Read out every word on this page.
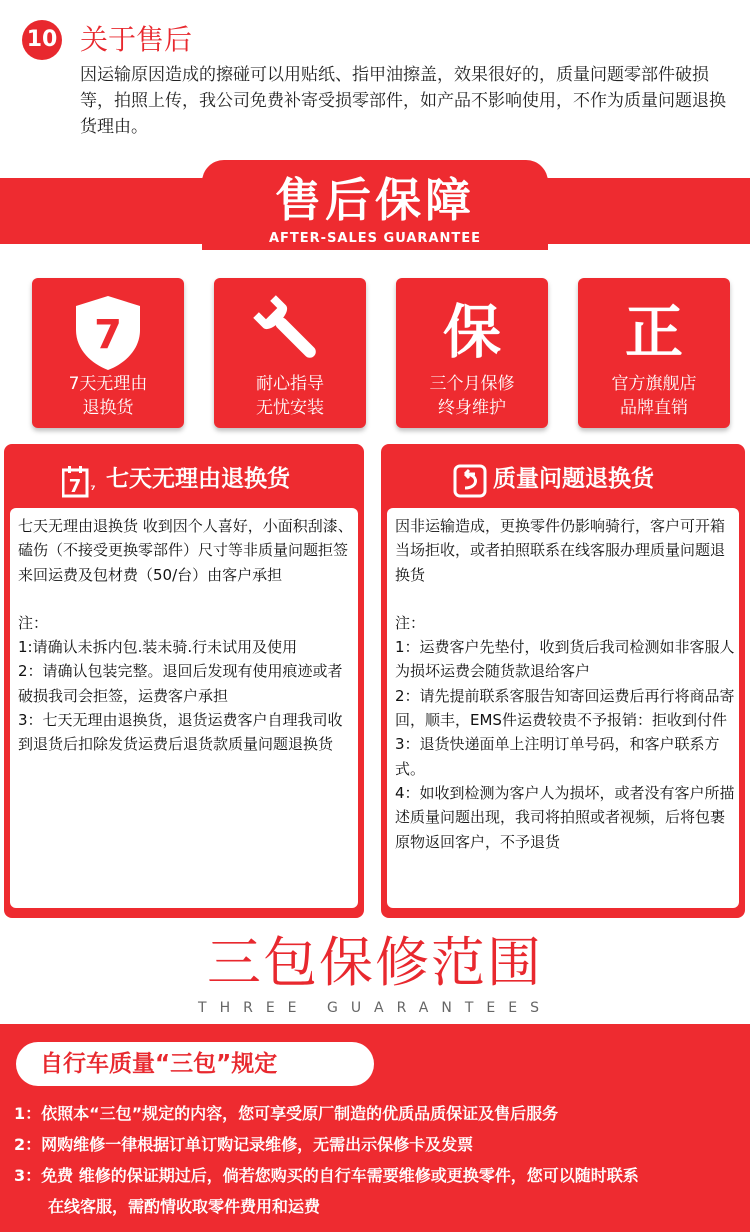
10 关于售后
因运输原因造成的擦碰可以用贴纸、指甲油擦盖，效果很好的，质量问题零部件破损等，拍照上传，我公司免费补寄受损零部件，如产品不影响使用，不作为质量问题退换货理由。
售后保障
AFTER-SALES GUARANTEE
7
7天无理由
退换货
耐心指导
无忧安装
保
三个月保修
终身维护
正
官方旗舰店
品牌直销
7 ⁷ 七天无理由退换货

七天无理由退换货 收到因个人喜好，小面积刮漆、磕伤（不接受更换零部件）尺寸等非质量问题拒签来回运费及包材费（50/台）由客户承担

注：

1:请确认未拆内包.装未骑.行未试用及使用

2：请确认包装完整。退回后发现有使用痕迹或者破损我司会拒签，运费客户承担

3：七天无理由退换货，退货运费客户自理我司收到退货后扣除发货运费后退货款质量问题退换货

质量问题退换货

因非运输造成，更换零件仍影响骑行，客户可开箱当场拒收，或者拍照联系在线客服办理质量问题退换货

注：

1：运费客户先垫付，收到货后我司检测如非客服人为损坏运费会随货款退给客户

2：请先提前联系客服告知寄回运费后再行将商品寄回，顺丰，EMS件运费较贵不予报销：拒收到付件

3：退货快递面单上注明订单号码，和客户联系方式。

4：如收到检测为客户人为损坏，或者没有客户所描述质量问题出现，我司将拍照或者视频，后将包裹原物返回客户，不予退货

三包保修范围
THREE GUARANTEES
自行车质量“三包”规定

1：依照本“三包”规定的内容，您可享受原厂制造的优质品质保证及售后服务

2：网购维修一律根据订单订购记录维修，无需出示保修卡及发票

3：免费 维修的保证期过后，倘若您购买的自行车需要维修或更换零件，您可以随时联系

在线客服，需酌情收取零件费用和运费
